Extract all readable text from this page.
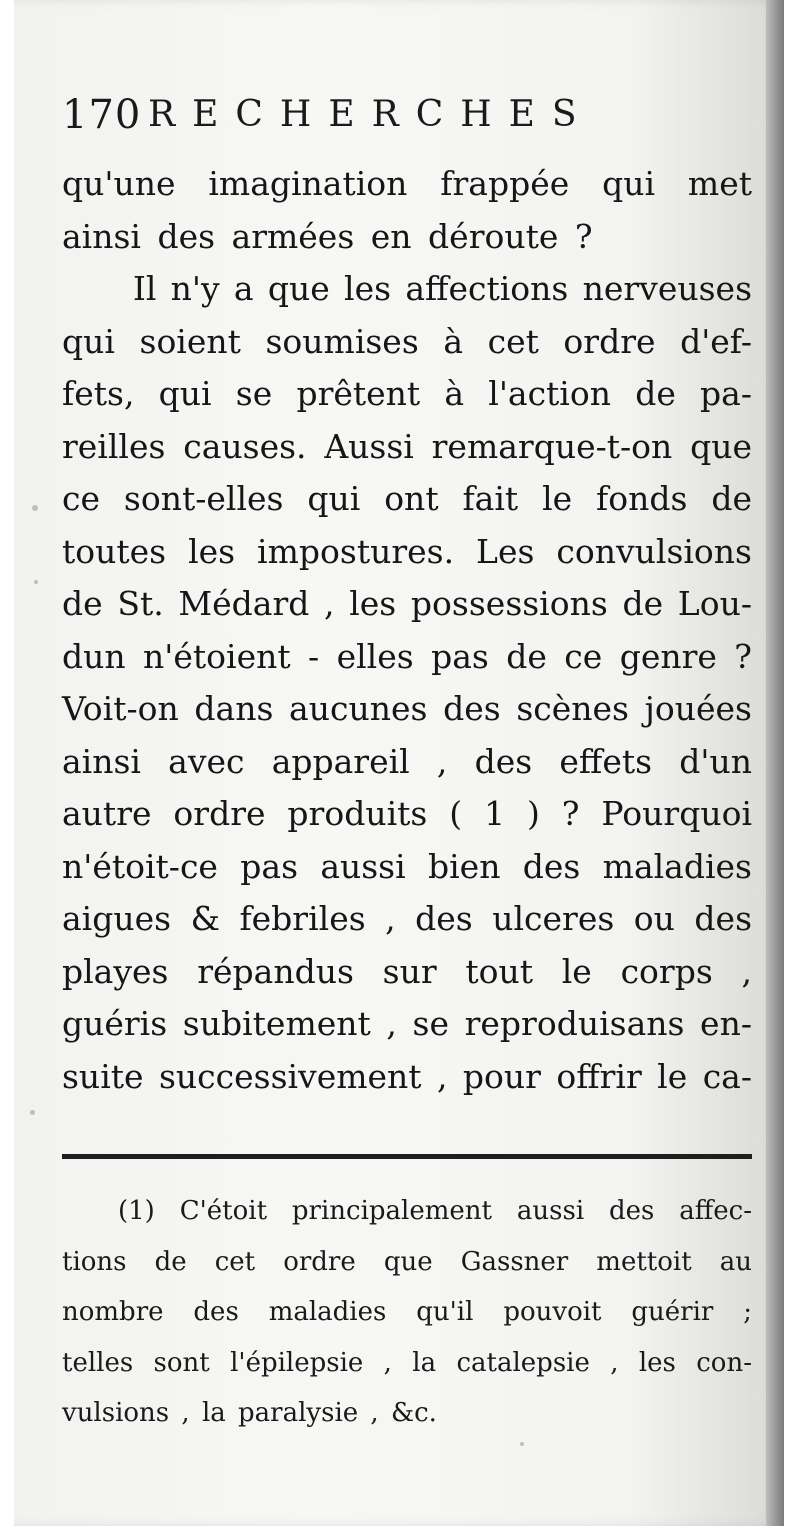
170 RECHERCHES
qu'une imagination frappée qui met
ainsi des armées en déroute ?
Il n'y a que les affections nerveuses
qui soient soumises à cet ordre d'ef-
fets, qui se prêtent à l'action de pa-
reilles causes. Aussi remarque-t-on que
ce sont-elles qui ont fait le fonds de
toutes les impostures. Les convulsions
de St. Médard , les possessions de Lou-
dun n'étoient - elles pas de ce genre ?
Voit-on dans aucunes des scènes jouées
ainsi avec appareil , des effets d'un
autre ordre produits ( 1 ) ? Pourquoi
n'étoit-ce pas aussi bien des maladies
aigues & febriles , des ulceres ou des
playes répandus sur tout le corps ,
guéris subitement , se reproduisans en-
suite successivement , pour offrir le ca-
(1) C'étoit principalement aussi des affec-
tions de cet ordre que Gassner mettoit au
nombre des maladies qu'il pouvoit guérir ;
telles sont l'épilepsie , la catalepsie , les con-
vulsions , la paralysie , &c.
